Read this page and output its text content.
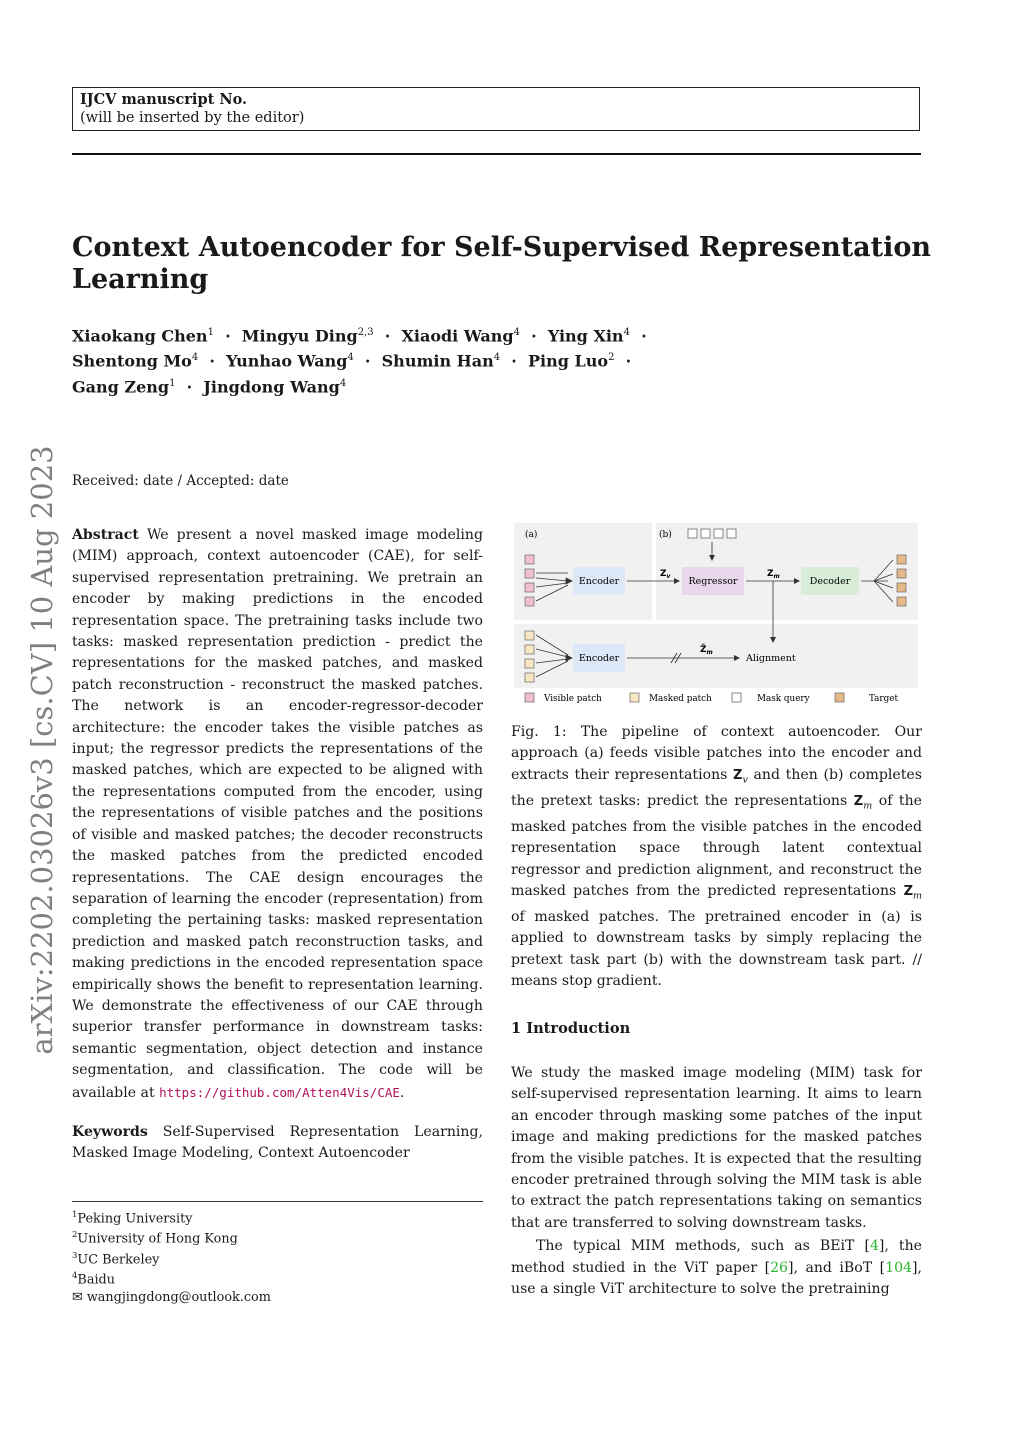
IJCV manuscript No.
(will be inserted by the editor)
Context Autoencoder for Self-Supervised Representation Learning
Xiaokang Chen$^1$  ·  Mingyu Ding$^{2,3}$  ·  Xiaodi Wang$^4$  ·  Ying Xin$^4$  ·
Shentong Mo$^4$  ·  Yunhao Wang$^4$  ·  Shumin Han$^4$  ·  Ping Luo$^2$  ·
Gang Zeng$^1$  ·  Jingdong Wang$^4$
Received: date / Accepted: date
arXiv:2202.03026v3 [cs.CV] 10 Aug 2023 Abstract We present a novel masked image modeling (MIM) approach, context autoencoder (CAE), for self-supervised representation pretraining. We pretrain an encoder by making predictions in the encoded representation space. The pretraining tasks include two tasks: masked representation prediction - predict the representations for the masked patches, and masked patch reconstruction - reconstruct the masked patches. The network is an encoder-regressor-decoder architecture: the encoder takes the visible patches as input; the regressor predicts the representations of the masked patches, which are expected to be aligned with the representations computed from the encoder, using the representations of visible patches and the positions of visible and masked patches; the decoder reconstructs the masked patches from the predicted encoded representations. The CAE design encourages the separation of learning the encoder (representation) from completing the pertaining tasks: masked representation prediction and masked patch reconstruction tasks, and making predictions in the encoded representation space empirically shows the benefit to representation learning. We demonstrate the effectiveness of our CAE through superior transfer performance in downstream tasks: semantic segmentation, object detection and instance segmentation, and classification. The code will be available at https://github.com/Atten4Vis/CAE.
Keywords Self-Supervised Representation Learning, Masked Image Modeling, Context Autoencoder
$^1$Peking University
$^2$University of Hong Kong
$^3$UC Berkeley
$^4$Baidu
✉ wangjingdong@outlook.com
(a)	(b)
Encoder
$Z_v$ Regressor
$Z_m$	Decoder
Encoder
$Z̄_m$
Alignment
Visible patch	Masked patch	Mask query	Target
Fig. 1: The pipeline of context autoencoder. Our approach (a) feeds visible patches into the encoder and extracts their representations $Z_v$ and then (b) completes the pretext tasks: predict the representations $Z_m$ of the masked patches from the visible patches in the encoded representation space through latent contextual regressor and prediction alignment, and reconstruct the masked patches from the predicted representations $Z_m$ of masked patches. The pretrained encoder in (a) is applied to downstream tasks by simply replacing the pretext task part (b) with the downstream task part. // means stop gradient.
1 Introduction

We study the masked image modeling (MIM) task for self-supervised representation learning. It aims to learn an encoder through masking some patches of the input image and making predictions for the masked patches from the visible patches. It is expected that the resulting encoder pretrained through solving the MIM task is able to extract the patch representations taking on semantics that are transferred to solving downstream tasks.

The typical MIM methods, such as BEiT [4], the method studied in the ViT paper [26], and iBoT [104], use a single ViT architecture to solve the pretraining
